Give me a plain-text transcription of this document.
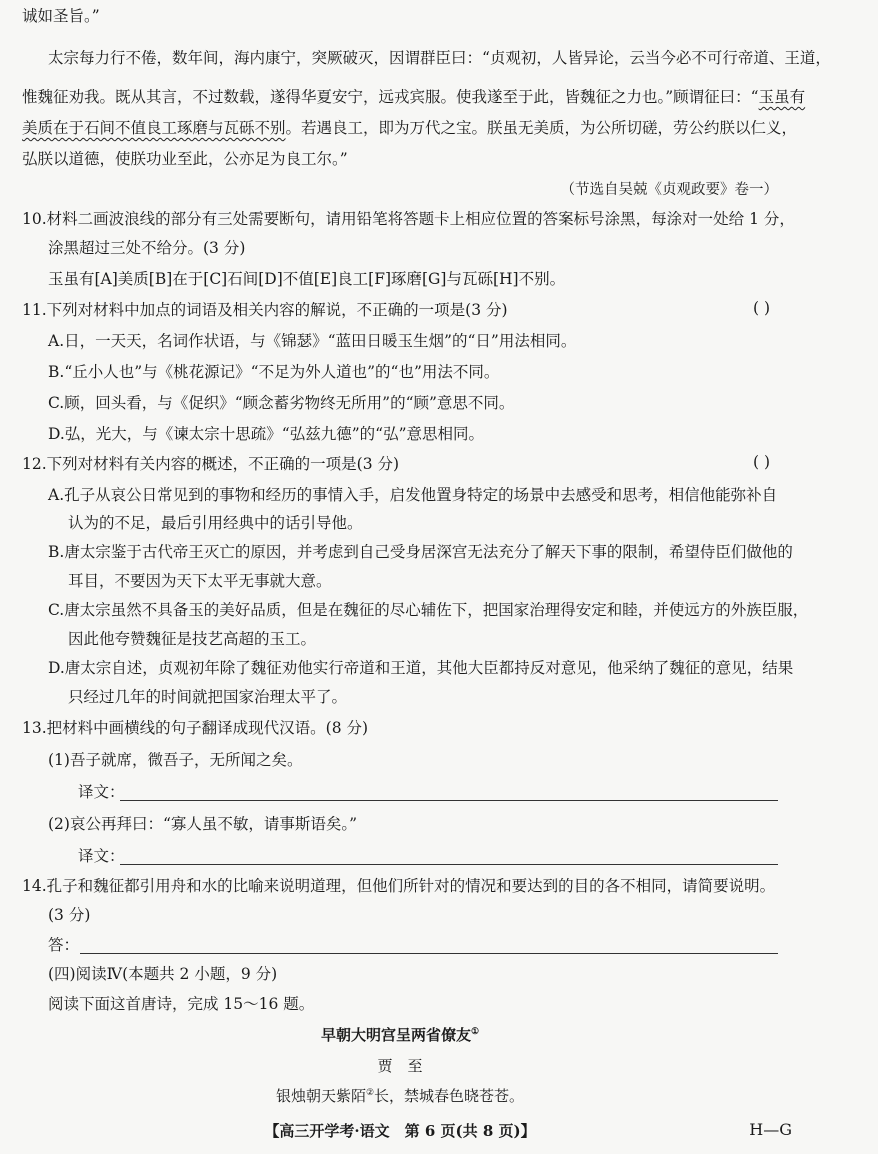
诚如圣旨。”
太宗每力行不倦，数年间，海内康宁，突厥破灭，因谓群臣曰：“贞观初，人皆异论，云当今必不可行帝道、王道，
惟魏征劝我。既从其言，不过数载，遂得华夏安宁，远戎宾服。使我遂至于此，皆魏征之力也。”顾谓征曰：“玉虽有
美质在于石间不值良工琢磨与瓦砾不别。若遇良工，即为万代之宝。朕虽无美质，为公所切磋，劳公约朕以仁义，
弘朕以道德，使朕功业至此，公亦足为良工尔。”
（节选自吴兢《贞观政要》卷一）
10.材料二画波浪线的部分有三处需要断句，请用铅笔将答题卡上相应位置的答案标号涂黑，每涂对一处给 1 分，
涂黑超过三处不给分。(3 分)
玉虽有[A]美质[B]在于[C]石间[D]不值[E]良工[F]琢磨[G]与瓦砾[H]不别。
11.下列对材料中加点的词语及相关内容的解说，不正确的一项是(3 分)	( )
A.日，一天天，名词作状语，与《锦瑟》“蓝田日暖玉生烟”的“日”用法相同。
B.“丘小人也”与《桃花源记》“不足为外人道也”的“也”用法不同。
C.顾，回头看，与《促织》“顾念蓄劣物终无所用”的“顾”意思不同。
D.弘，光大，与《谏太宗十思疏》“弘兹九德”的“弘”意思相同。
12.下列对材料有关内容的概述，不正确的一项是(3 分)	( )
A.孔子从哀公日常见到的事物和经历的事情入手，启发他置身特定的场景中去感受和思考，相信他能弥补自
认为的不足，最后引用经典中的话引导他。
B.唐太宗鉴于古代帝王灭亡的原因，并考虑到自己受身居深宫无法充分了解天下事的限制，希望侍臣们做他的
耳目，不要因为天下太平无事就大意。
C.唐太宗虽然不具备玉的美好品质，但是在魏征的尽心辅佐下，把国家治理得安定和睦，并使远方的外族臣服，
因此他夸赞魏征是技艺高超的玉工。
D.唐太宗自述，贞观初年除了魏征劝他实行帝道和王道，其他大臣都持反对意见，他采纳了魏征的意见，结果
只经过几年的时间就把国家治理太平了。
13.把材料中画横线的句子翻译成现代汉语。(8 分)
(1)吾子就席，微吾子，无所闻之矣。
译文：
(2)哀公再拜曰：“寡人虽不敏，请事斯语矣。”
译文：
14.孔子和魏征都引用舟和水的比喻来说明道理，但他们所针对的情况和要达到的目的各不相同，请简要说明。
(3 分)
答：
(四)阅读Ⅳ(本题共 2 小题，9 分)
阅读下面这首唐诗，完成 15～16 题。
早朝大明宫呈两省僚友①
贾　至
银烛朝天紫陌②长，禁城春色晓苍苍。
【高三开学考·语文　第 6 页(共 8 页)】	H—G
